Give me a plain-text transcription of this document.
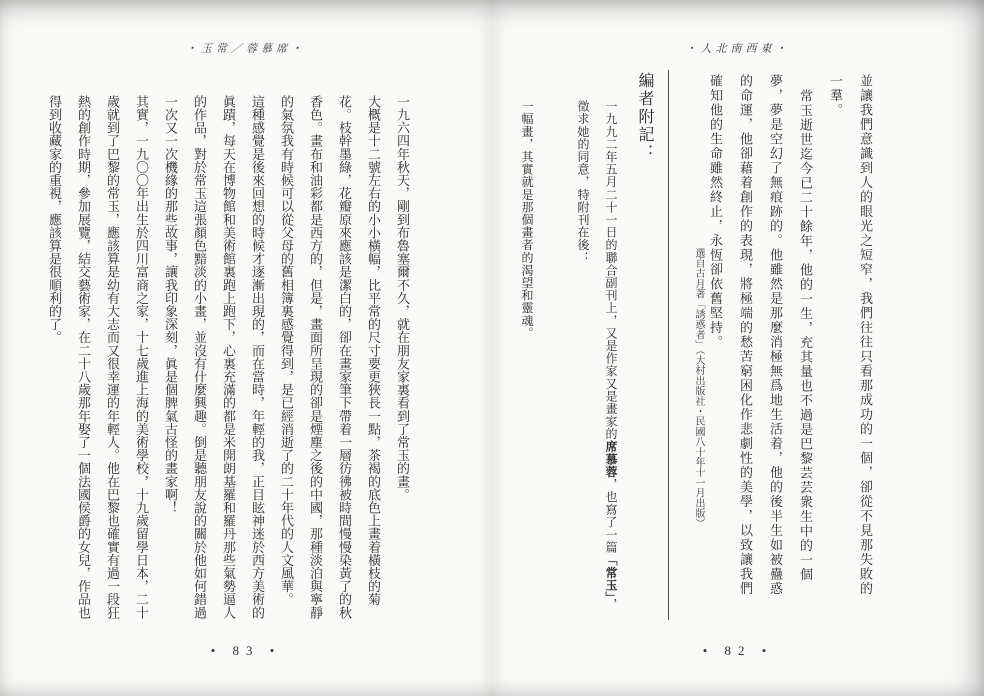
・玉常／蓉慕席・

一九六四年秋天，剛到布魯塞爾不久，就在朋友家裏看到了常玉的畫。

大概是十二號左右的小小橫幅，比平常的尺寸要更狹長一點，茶褐的底色上畫着橫枝的菊花。枝幹墨綠，花瓣原來應該是潔白的，卻在畫家筆下帶着一層彷彿被時間慢慢染黃了的秋香色。畫布和油彩都是西方的，但是，畫面所呈現的卻是煙塵之後的中國，那種淡泊與寧靜的氣氛我有時候可以從父母的舊相簿裏感覺得到，是已經消逝了的二十年代的人文風華。

這種感覺是後來回想的時候才逐漸出現的，而在當時，年輕的我，正目眩神迷於西方美術的眞蹟，每天在博物館和美術館裏跑上跑下，心裏充滿的都是米開朗基羅和羅丹那些氣勢逼人的作品，對於常玉這張顏色黯淡的小畫，並沒有什麼興趣。倒是聽朋友說的關於他如何錯過一次又一次機緣的那些故事，讓我印象深刻，眞是個脾氣古怪的畫家啊！

其實，一九〇〇年出生於四川富商之家，十七歲進上海的美術學校，十九歲留學日本，二十歲就到了巴黎的常玉，應該算是幼有大志而又很幸運的年輕人。他在巴黎也確實有過一段狂熱的創作時期，參加展覽，結交藝術家，在二十八歲那年娶了一個法國侯爵的女兒，作品也得到收藏家的重視，應該算是很順利的了。

• 83 •
・人北南西東・

並讓我們意識到人的眼光之短窄，我們往往只看那成功的一個，卻從不見那失敗的一羣。

常玉逝世迄今已二十餘年，他的一生，充其量也不過是巴黎芸芸衆生中的一個夢，夢是空幻了無痕跡的。他雖然是那麼消極無爲地生活着，他的後半生如被蠱惑的命運，他卻藉着創作的表現，將極端的愁苦窮困化作悲劇性的美學，以致讓我們確知他的生命雖然終止，永恆卻依舊堅持。

選自古月著「誘惑者」（大村出版社・民國八十年十一月出版）
編者附記：

一九九二年五月二十一日的聯合副刊上，又是作家又是畫家的席慕蓉，也寫了一篇「常玉」，徵求她的同意，特附刊在後：

一幅畫，其實就是那個畫者的渴望和靈魂。

• 82 •
